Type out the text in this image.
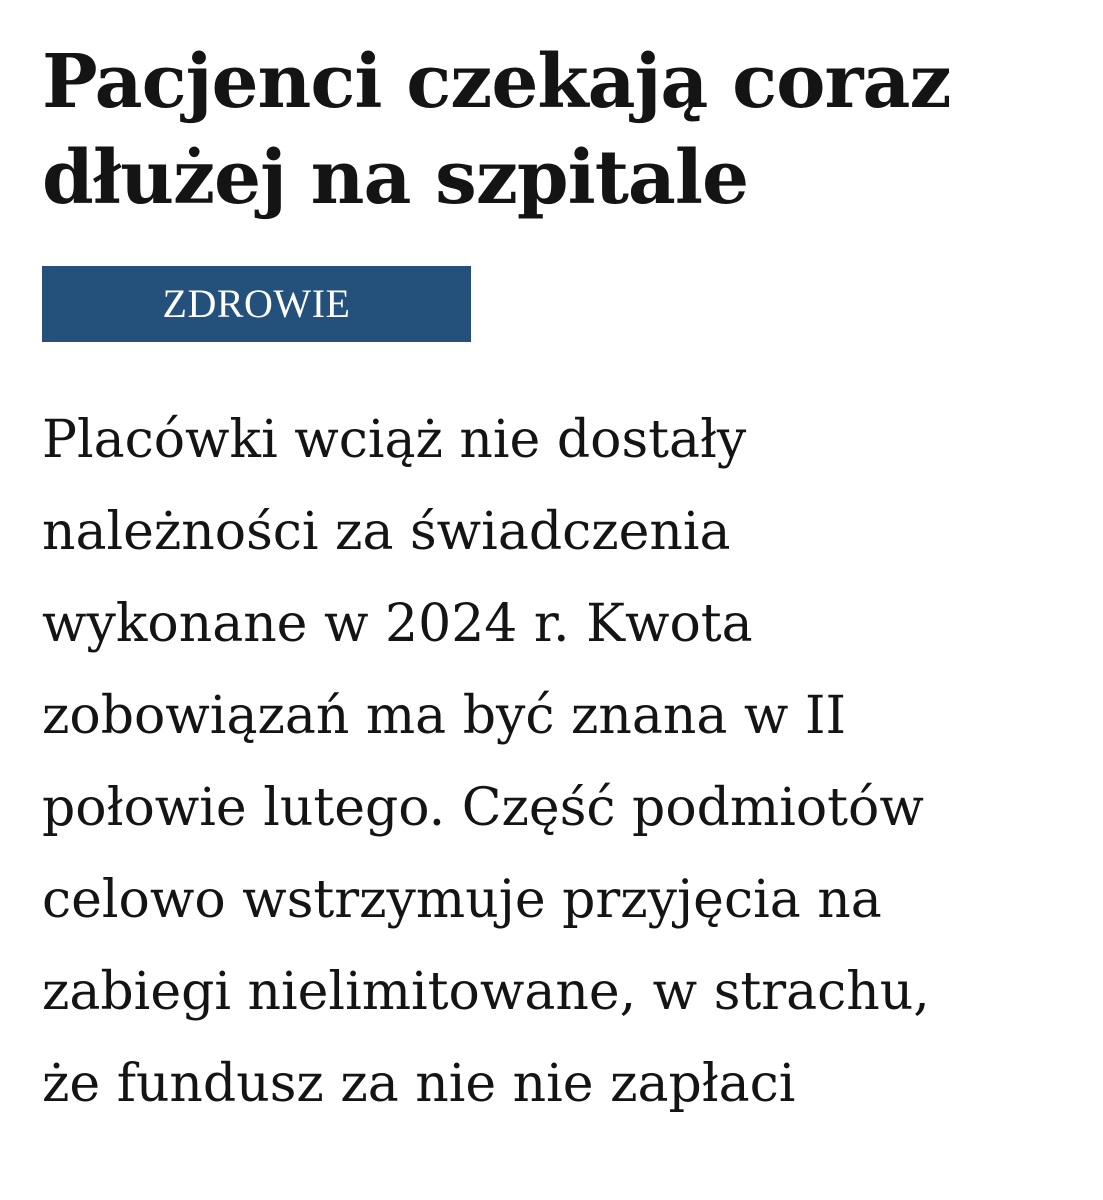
Pacjenci czekają coraz
dłużej na szpitale
ZDROWIE

Placówki wciąż nie dostały
należności za świadczenia
wykonane w 2024 r. Kwota
zobowiązań ma być znana w II
połowie lutego. Część podmiotów
celowo wstrzymuje przyjęcia na
zabiegi nielimitowane, w strachu,
że fundusz za nie nie zapłaci
